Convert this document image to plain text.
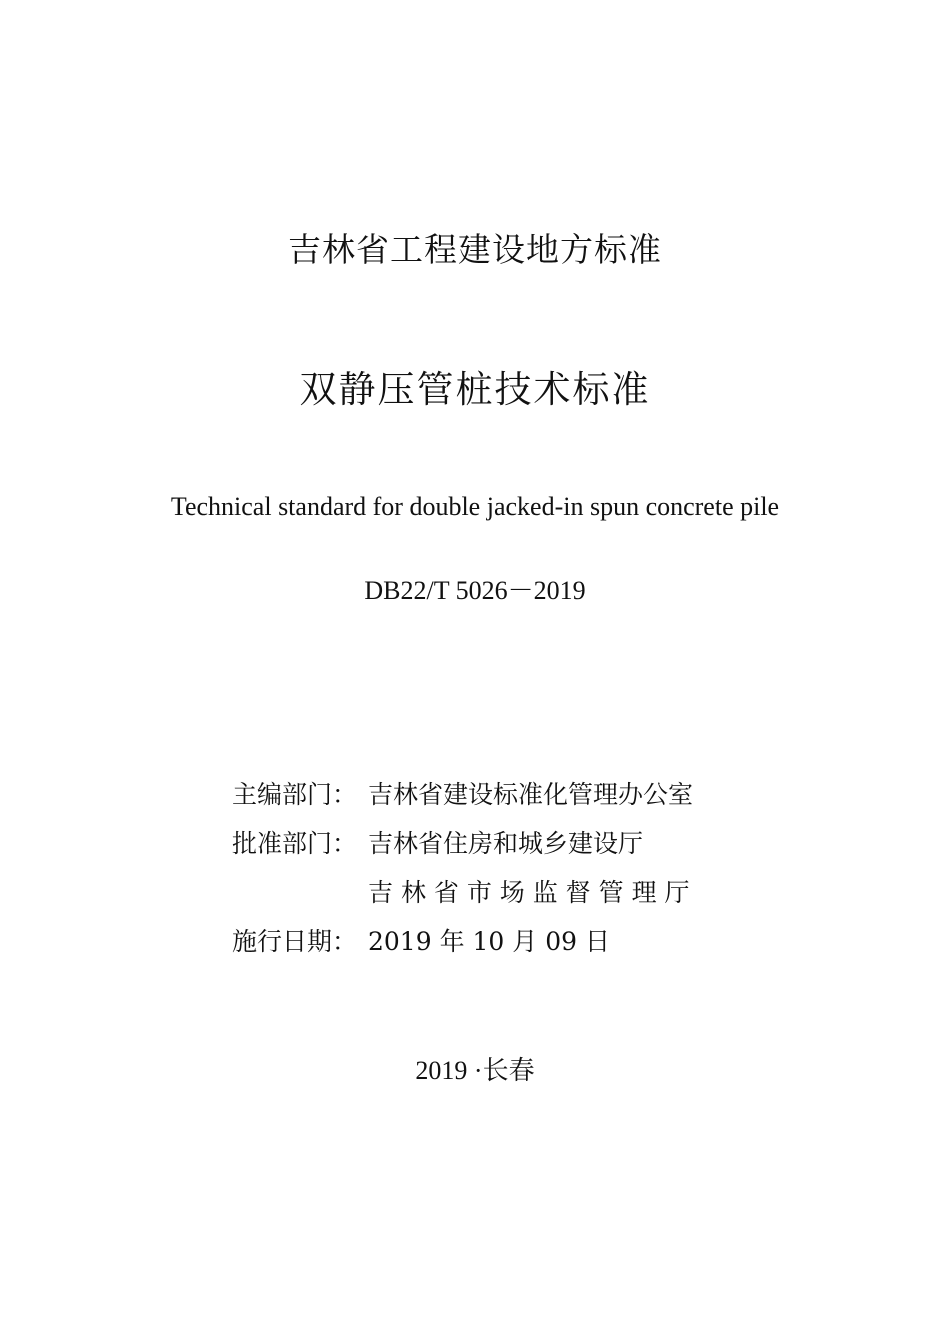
吉林省工程建设地方标准
双静压管桩技术标准
Technical standard for double jacked-in spun concrete pile
DB22/T 5026－2019
主编部门： 吉林省建设标准化管理办公室
批准部门： 吉林省住房和城乡建设厅
吉 林 省 市 场 监 督 管 理 厅
施行日期： 2019 年 10 月 09 日
2019 ·长春
